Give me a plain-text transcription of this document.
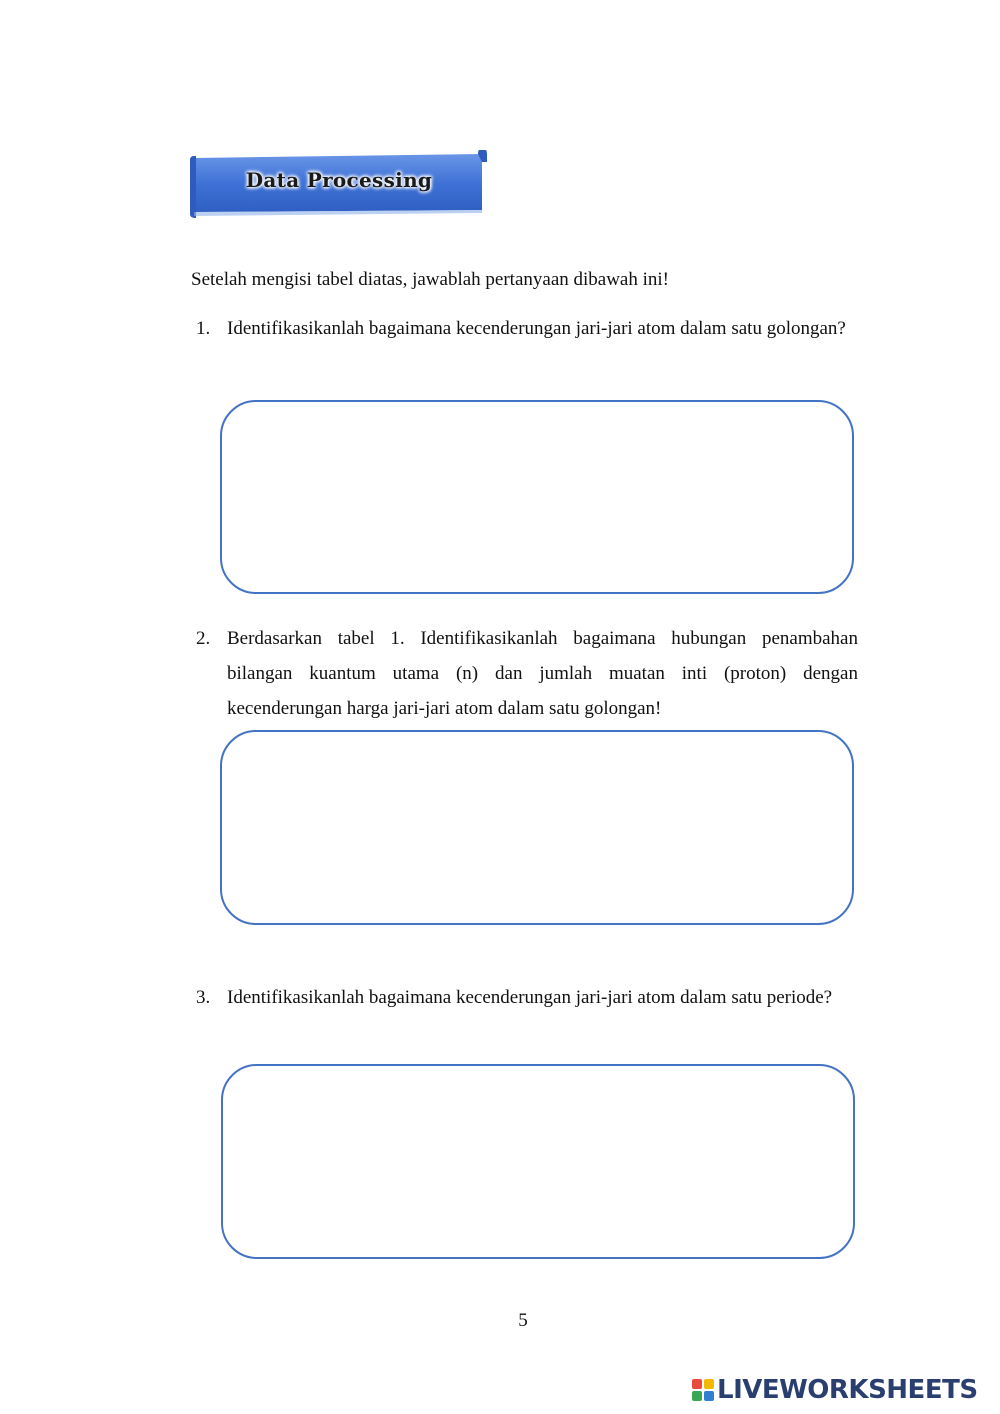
Data Processing
Setelah mengisi tabel diatas, jawablah pertanyaan dibawah ini!
1. Identifikasikanlah bagaimana kecenderungan jari-jari atom dalam satu golongan?
2. Berdasarkan tabel 1. Identifikasikanlah bagaimana hubungan penambahan bilangan kuantum utama (n) dan jumlah muatan inti (proton) dengan kecenderungan harga jari-jari atom dalam satu golongan!
3. Identifikasikanlah bagaimana kecenderungan jari-jari atom dalam satu periode?
5
LIVEWORKSHEETS
